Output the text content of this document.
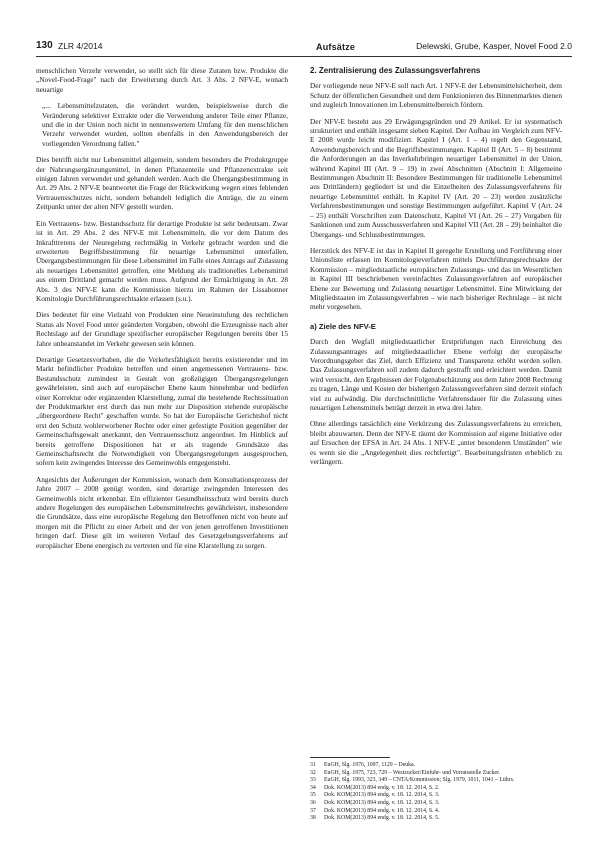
130 ZLR 4/2014	Aufsätze	Delewski, Grube, Kasper, Novel Food 2.0

menschlichen Verzehr verwendet, so stellt sich für diese Zutaten bzw. Produkte die „Novel-Food-Frage" nach der Erweiterung durch Art. 3 Abs. 2 NFV-E, wonach neuartige

„... Lebensmittelzutaten, die verändert wurden, beispielsweise durch die Veränderung selektiver Extrakte oder die Verwendung anderer Teile einer Pflanze, und die in der Union noch nicht in nennenswertem Umfang für den menschlichen Verzehr verwendet wurden, sollten ebenfalls in den Anwendungsbereich der vorliegenden Verordnung fallen."

Dies betrifft nicht nur Lebensmittel allgemein, sondern besonders die Produktgruppe der Nahrungsergänzungsmittel, in denen Pflanzenteile und Pflanzenextrakte seit einigen Jahren verwendet und gehandelt werden. Auch die Übergangsbestimmung in Art. 29 Abs. 2 NFV-E beantwortet die Frage der Rückwirkung wegen eines fehlenden Vertrauensschutzes nicht, sondern behandelt lediglich die Anträge, die zu einem Zeitpunkt unter der alten NFV gestellt wurden.

Ein Vertrauens- bzw. Bestandsschutz für derartige Produkte ist sehr bedeutsam. Zwar ist in Art. 29 Abs. 2 des NFV-E mit Lebensmitteln, die vor dem Datum des Inkrafttretens der Neuregelung rechtmäßig in Verkehr gebracht wurden und die erweiterten Begriffsbestimmung für neuartige Lebensmittel unterfallen, Übergangsbestimmungen für diese Lebensmittel im Falle eines Antrags auf Zulassung als neuartiges Lebensmittel getroffen, eine Meldung als traditionelles Lebensmittel aus einem Drittland gemacht werden muss. Aufgrund der Ermächtigung in Art. 28 Abs. 3 des NFV-E kann die Kommission hierzu im Rahmen der Lissabonner Komitologie Durchführungsrechtsakte erlassen (s.u.).

Dies bedeutet für eine Vielzahl von Produkten eine Neueinstufung des rechtlichen Status als Novel Food unter geänderten Vorgaben, obwohl die Erzeugnisse nach alter Rechtslage auf der Grundlage spezifischer europäischer Regelungen bereits über 15 Jahre unbeanstandet im Verkehr gewesen sein können.

Derartige Gesetzesvorhaben, die die Verkehrsfähigkeit bereits existierender und im Markt befindlicher Produkte betreffen und einen angemessenen Vertrauens- bzw. Bestandsschutz zumindest in Gestalt von großzügigen Übergangsregelungen gewährleisten, sind auch auf europäischer Ebene kaum hinnehmbar und bedürfen einer Korrektur oder ergänzenden Klarstellung, zumal die bestehende Rechtssituation der Produktmarkter erst durch das nun mehr zur Disposition stehende europäische „übergeordnete Recht" geschaffen wurde. So hat der Europäische Gerichtshof nicht erst den Schutz wohlerworbener Rechte oder einer gefestigte Position gegenüber der Gemeinschaftsgewalt anerkannt, den Vertrauensschutz angeordnet. Im Hinblick auf bereits getroffene Dispositionen hat er als tragende Grundsätze das Gemeinschaftsrecht die Notwendigkeit von Übergangsregelungen ausgesprochen, sofern kein zwingendes Interesse des Gemeinwohls entgegensteht.

Angesichts der Äußerungen der Kommission, wonach dem Konsultationsprozess der Jahre 2007 – 2008 genügt worden, sind derartige zwingenden Interessen des Gemeinwohls nicht erkennbar. Ein effizienter Gesundheitsschutz wird bereits durch andere Regelungen des europäischen Lebensmittelrechts gewährleistet, insbesondere die Grundsätze, dass eine europäische Regelung den Betroffenen nicht von heute auf morgen mit die Pflicht zu einer Arbeit und der von jenen getroffenen Investitionen bringen darf. Diese gilt im weiteren Verlauf des Gesetzgebungsverfahrens auf europäischer Ebene energisch zu vertreten und für eine Klarstellung zu sorgen.

2. Zentralisierung des Zulassungsverfahrens

Der vorliegende neue NFV-E soll nach Art. 1 NFV-E der Lebensmittelsicherheit, dem Schutz der öffentlichen Gesundheit und dem Funktionieren des Binnenmarktes dienen und zugleich Innovationen im Lebensmittelbereich fördern.

Der NFV-E besteht aus 29 Erwägungsgründen und 29 Artikel. Er ist systematisch strukturiert und enthält insgesamt sieben Kapitel. Der Aufbau im Vergleich zum NFV-E 2008 wurde leicht modifiziert. Kapitel I (Art. 1 – 4) regelt den Gegenstand, Anwendungsbereich und die Begriffsbestimmungen. Kapitel II (Art. 5 – 8) bestimmt die Anforderungen an das Inverkehrbringen neuartiger Lebensmittel in der Union, während Kapitel III (Art. 9 – 19) in zwei Abschnitten (Abschnitt I: Allgemeine Bestimmungen Abschnitt II: Besondere Bestimmungen für traditionelle Lebensmittel aus Drittländern) gegliedert ist und die Einzelheiten des Zulassungsverfahrens für neuartige Lebensmittel enthält. In Kapitel IV (Art. 20 – 23) werden zusätzliche Verfahrensbestimmungen und sonstige Bestimmungen aufgeführt. Kapitel V (Art. 24 – 25) enthält Vorschriften zum Datenschutz, Kapitel VI (Art. 26 – 27) Vorgaben für Sanktionen und zum Ausschussverfahren und Kapitel VII (Art. 28 – 29) beinhaltet die Übergangs- und Schlussbestimmungen.

Herzstück des NFV-E ist das in Kapitel II geregelte Erstellung und Fortführung einer Unionsliste erfassen im Komitologieverfahren mittels Durchführungsrechtsakte der Kommission – mitgliedstaatliche europäischen Zulassungs- und das im Wesentlichen in Kapitel III beschriebenen vereinfachtes Zulassungsverfahren auf europäischer Ebene zur Bewertung und Zulassung neuartiger Lebensmittel. Eine Mitwirkung der Mitgliedstaaten im Zulassungsverfahren – wie nach bisheriger Rechtslage – ist nicht mehr vorgesehen.

a) Ziele des NFV-E

Durch den Wegfall mitgliedstaatlicher Erstprüfungen nach Einreichung des Zulassungsantrages auf mitgliedstaatlicher Ebene verfolgt der europäische Verordnungsgeber das Ziel, durch Effizienz und Transparenz erhöht werden sollen. Das Zulassungsverfahren soll zudem dadurch gestrafft und erleichtert werden. Damit wird versucht, den Ergebnissen der Folgenabschätzung aus dem Jahre 2008 Rechnung zu tragen, Länge und Kosten der bisherigen Zulassungsverfahren sind derzeit einfach viel zu aufwändig. Die durchschnittliche Verfahrensdauer für die Zulassung eines neuartigen Lebensmittels beträgt derzeit in etwa drei Jahre.

Ohne allerdings tatsächlich eine Verkürzung des Zulassungsverfahrens zu erreichen, bleibt abzuwarten. Denn der NFV-E räumt der Kommission auf eigene Initiative oder auf Ersuchen der EFSA in Art. 24 Abs. 1 NFV-E „unter besonderen Umständen" wie es wenn sie die „Angelegenheit dies rechtfertigt". Bearbeitungsfristen erheblich zu verlängern.

31	EuGH, Slg. 1976, 1097, 1129 – Deuka.
32	EuGH, Slg. 1975, 723, 729 – Westzucker/Einfuhr- und Vorratsstelle Zucker.
33	EuGH, Slg. 1993, 323, 349 – CNTA/Kommission; Slg. 1979, 1011, 1041 – Lührs.
34	Dok. KOM(2013) 894 endg. v. 18. 12. 2014, S. 2.
35	Dok. KOM(2013) 894 endg. v. 18. 12. 2014, S. 3.
36	Dok. KOM(2013) 894 endg. v. 18. 12. 2014, S. 3.
37	Dok. KOM(2013) 894 endg. v. 18. 12. 2014, S. 4.
38	Dok. KOM(2013) 894 endg. v. 18. 12. 2014, S. 5.
